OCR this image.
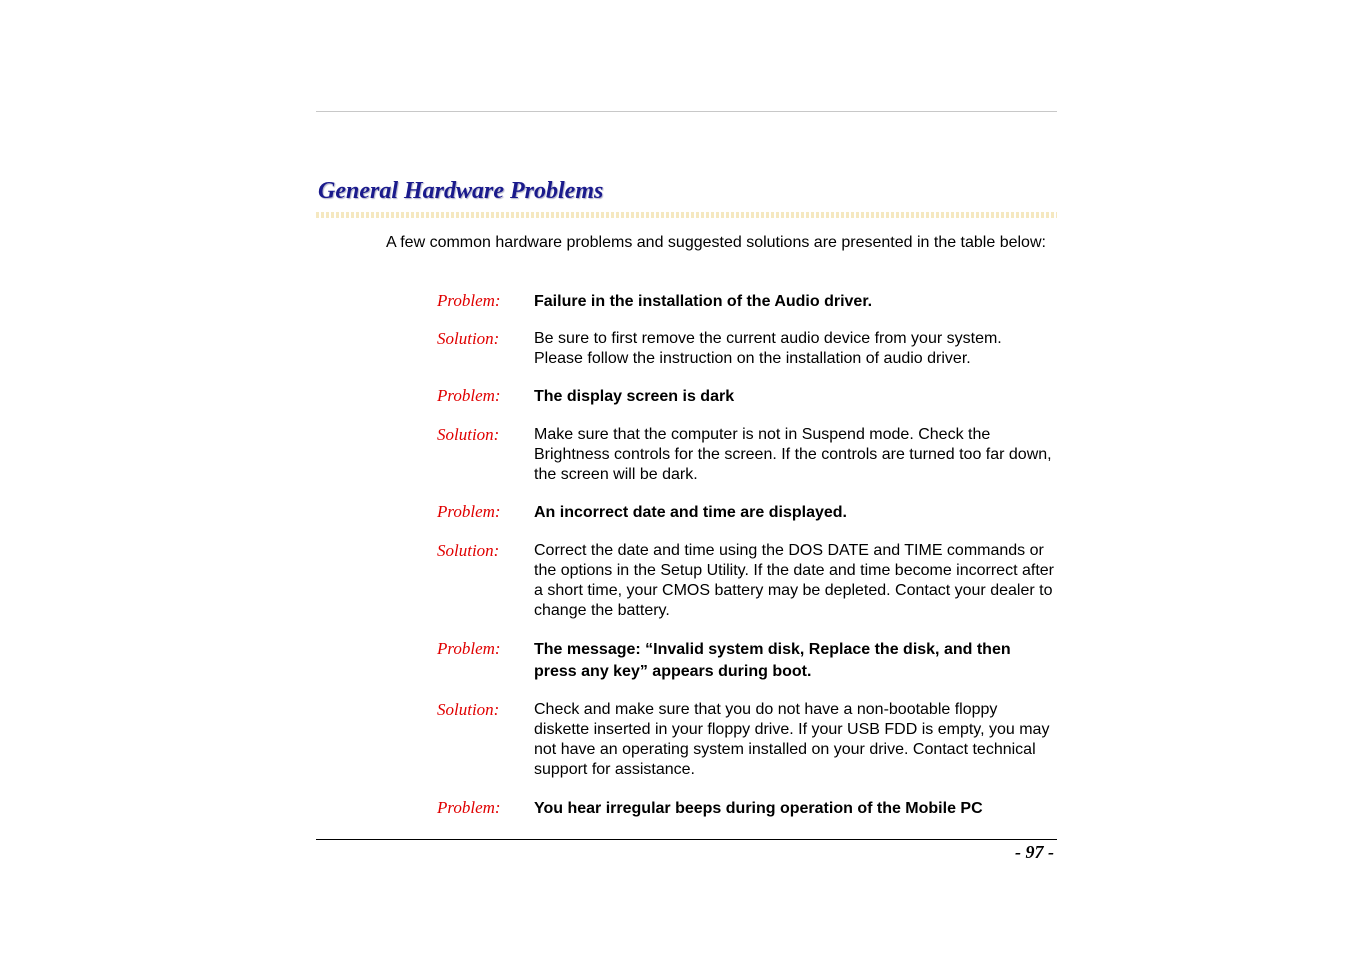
General Hardware Problems

A few common hardware problems and suggested solutions are presented in the table below:

Problem: Failure in the installation of the Audio driver.
Solution: Be sure to first remove the current audio device from your system. Please follow the instruction on the installation of audio driver.
Problem: The display screen is dark
Solution: Make sure that the computer is not in Suspend mode. Check the Brightness controls for the screen. If the controls are turned too far down, the screen will be dark.
Problem: An incorrect date and time are displayed.
Solution: Correct the date and time using the DOS DATE and TIME commands or the options in the Setup Utility. If the date and time become incorrect after a short time, your CMOS battery may be depleted. Contact your dealer to change the battery.
Problem: The message: “Invalid system disk, Replace the disk, and then press any key” appears during boot.
Solution: Check and make sure that you do not have a non-bootable floppy diskette inserted in your floppy drive. If your USB FDD is empty, you may not have an operating system installed on your drive. Contact technical support for assistance.
Problem: You hear irregular beeps during operation of the Mobile PC
- 97 -
